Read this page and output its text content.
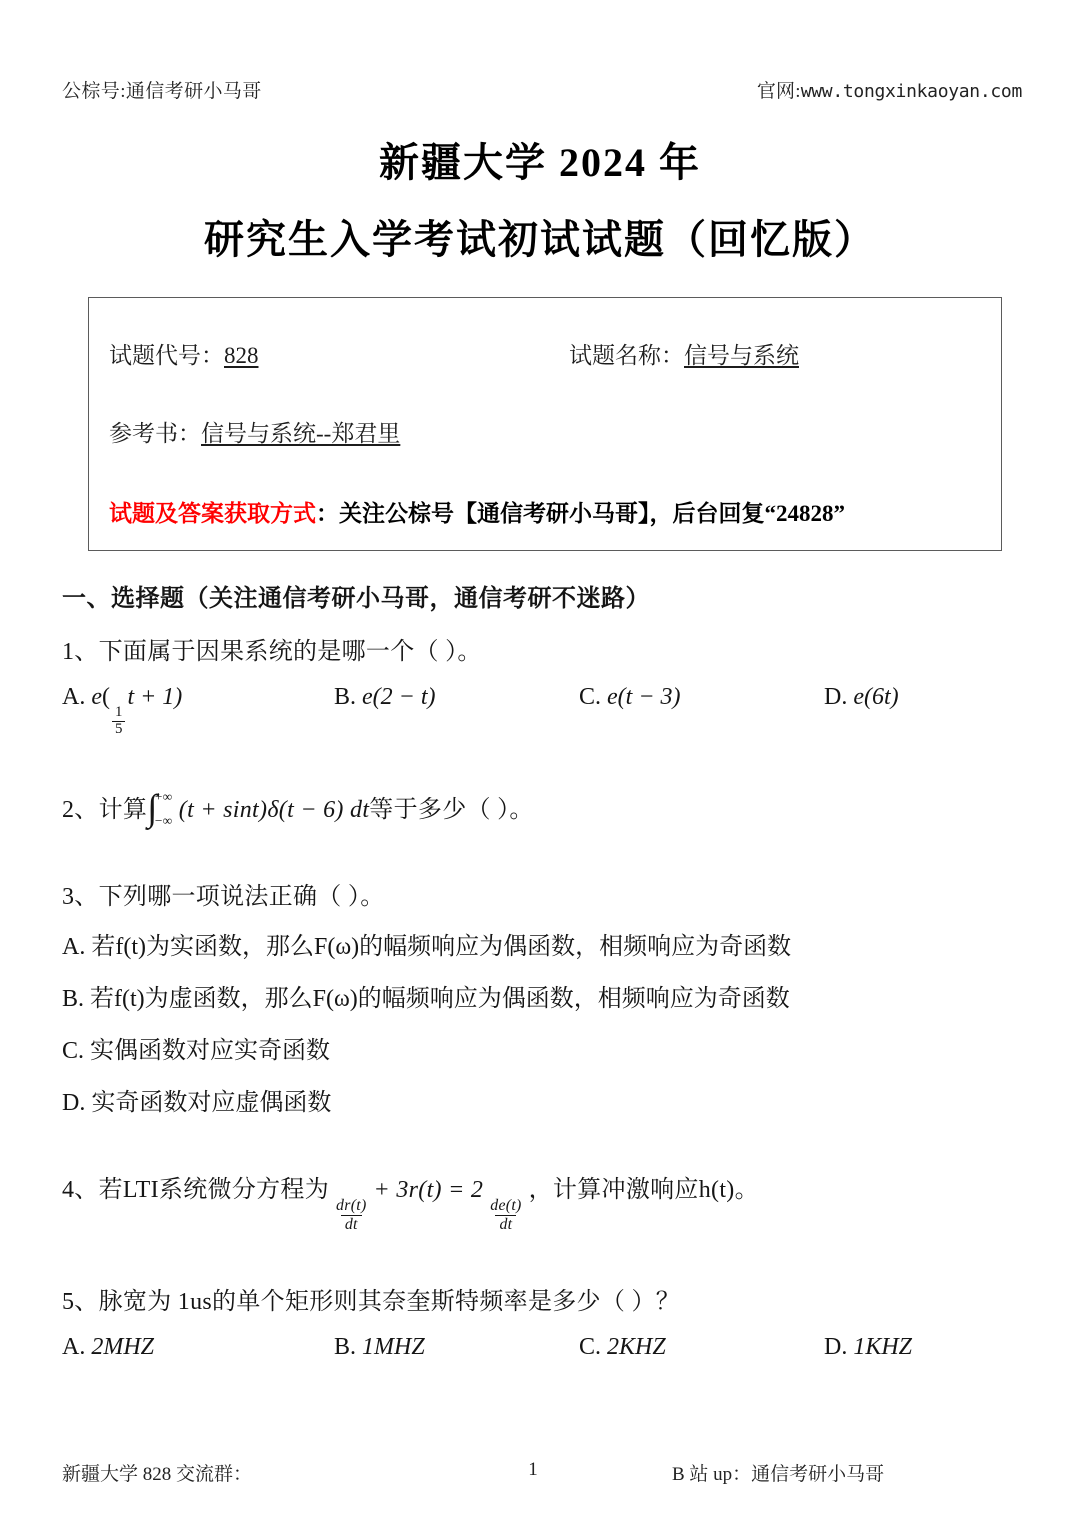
公棕号:通信考研小马哥	官网:www.tongxinkaoyan.com
新疆大学 2024 年
研究生入学考试初试试题（回忆版）
试题代号：828	试题名称：信号与系统
参考书：信号与系统--郑君里
试题及答案获取方式：关注公棕号【通信考研小马哥】，后台回复“24828”
一、选择题（关注通信考研小马哥，通信考研不迷路）
1、下面属于因果系统的是哪一个（ ）。
A. e(
$\frac{1}{5}$
t + 1)	B. e(2 − t)	C. e(t − 3)	D. e(6t)
2、计算 ∫
+∞
−∞ (t + sint)δ(t − 6) dt等于多少（ ）。
3、下列哪一项说法正确（ ）。
A. 若f(t)为实函数，那么F(ω)的幅频响应为偶函数，相频响应为奇函数
B. 若f(t)为虚函数，那么F(ω)的幅频响应为偶函数，相频响应为奇函数
C. 实偶函数对应实奇函数
D. 实奇函数对应虚偶函数
4、若LTI系统微分方程为
$\frac{dr(t)}{dt}$
+ 3r(t) = 2
$\frac{de(t)}{dt}$
，计算冲激响应h(t)。
5、脉宽为 1us的单个矩形则其奈奎斯特频率是多少（ ）？
A. 2MHZ	B. 1MHZ	C. 2KHZ	D. 1KHZ
新疆大学 828 交流群：	1	B 站 up：通信考研小马哥
